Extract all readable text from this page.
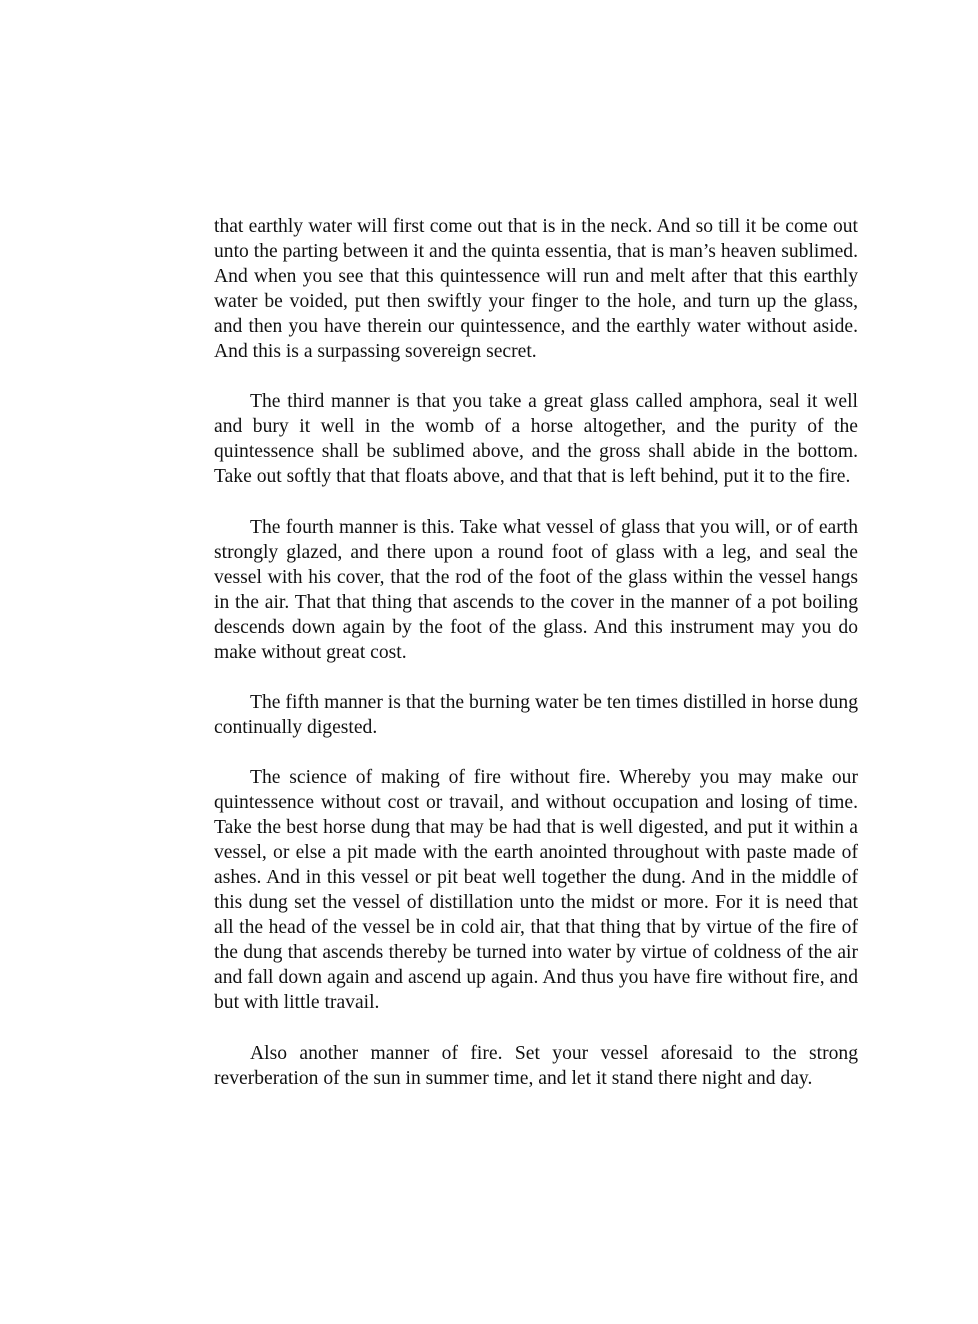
that earthly water will first come out that is in the neck. And so till it be come out unto the parting between it and the quinta essentia, that is man’s heaven sublimed. And when you see that this quintessence will run and melt after that this earthly water be voided, put then swiftly your finger to the hole, and turn up the glass, and then you have therein our quintessence, and the earthly water without aside. And this is a surpassing sovereign secret.

The third manner is that you take a great glass called amphora, seal it well and bury it well in the womb of a horse altogether, and the purity of the quintessence shall be sublimed above, and the gross shall abide in the bottom. Take out softly that that floats above, and that that is left behind, put it to the fire.

The fourth manner is this. Take what vessel of glass that you will, or of earth strongly glazed, and there upon a round foot of glass with a leg, and seal the vessel with his cover, that the rod of the foot of the glass within the vessel hangs in the air. That that thing that ascends to the cover in the manner of a pot boiling descends down again by the foot of the glass. And this instrument may you do make without great cost.

The fifth manner is that the burning water be ten times distilled in horse dung continually digested.

The science of making of fire without fire. Whereby you may make our quintessence without cost or travail, and without occupation and losing of time. Take the best horse dung that may be had that is well digested, and put it within a vessel, or else a pit made with the earth anointed throughout with paste made of ashes. And in this vessel or pit beat well together the dung. And in the middle of this dung set the vessel of distillation unto the midst or more. For it is need that all the head of the vessel be in cold air, that that thing that by virtue of the fire of the dung that ascends thereby be turned into water by virtue of coldness of the air and fall down again and ascend up again. And thus you have fire without fire, and but with little travail.

Also another manner of fire. Set your vessel aforesaid to the strong reverberation of the sun in summer time, and let it stand there night and day.
